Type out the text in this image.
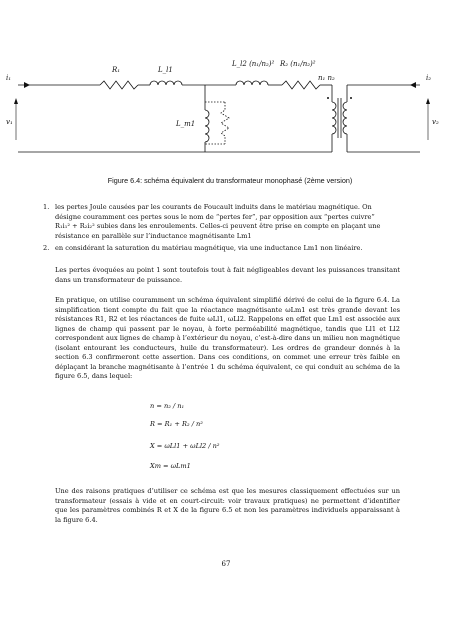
i₁
R₁	L_l1
L_l2 (n₁/n₂)² R₂ (n₁/n₂)²
n₁ n₂	i₂
v₁	v₂
L_m1
Figure 6.4: schéma équivalent du transformateur monophasé (2ème version)
1. les pertes Joule causées par les courants de Foucault induits dans le matériau magnétique. On désigne couramment ces pertes sous le nom de “pertes fer”, par opposition aux “pertes cuivre” R₁i₁² + R₂i₂² subies dans les enroulements. Celles-ci peuvent être prise en compte en plaçant une résistance en parallèle sur l’inductance magnétisante Lm1
2. en considérant la saturation du matériau magnétique, via une inductance Lm1 non linéaire.
Les pertes évoquées au point 1 sont toutefois tout à fait négligeables devant les puissances transitant dans un transformateur de puissance.
En pratique, on utilise couramment un schéma équivalent simplifié dérivé de celui de la figure 6.4. La simplification tient compte du fait que la réactance magnétisante ωLm1 est très grande devant les résistances R1, R2 et les réactances de fuite ωLl1, ωLl2. Rappelons en effet que Lm1 est associée aux lignes de champ qui passent par le noyau, à forte perméabilité magnétique, tandis que Ll1 et Ll2 correspondent aux lignes de champ à l’extérieur du noyau, c’est-à-dire dans un milieu non magnétique (isolant entourant les conducteurs, huile du transformateur). Les ordres de grandeur donnés à la section 6.3 confirmeront cette assertion. Dans ces conditions, on commet une erreur très faible en déplaçant la branche magnétisante à l’entrée 1 du schéma équivalent, ce qui conduit au schéma de la figure 6.5, dans lequel:
n = n₂ / n₁
R = R₁ + R₂ / n²
X = ωLl1 + ωLl2 / n²
Xm = ωLm1
Une des raisons pratiques d’utiliser ce schéma est que les mesures classiquement effectuées sur un transformateur (essais à vide et en court-circuit: voir travaux pratiques) ne permettent d’identifier que les paramètres combinés R et X de la figure 6.5 et non les paramètres individuels apparaissant à la figure 6.4.
67
